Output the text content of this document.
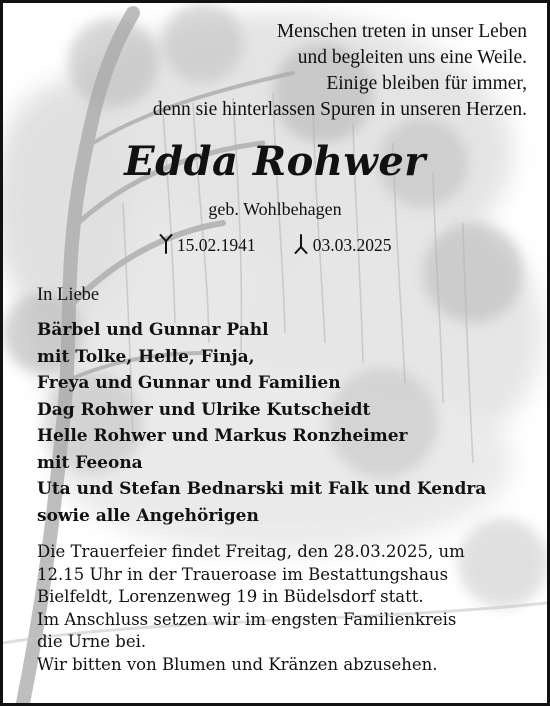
Menschen treten in unser Leben
und begleiten uns eine Weile.
Einige bleiben für immer,
denn sie hinterlassen Spuren in unseren Herzen.
Edda Rohwer
geb. Wohlbehagen
15.02.1941	03.03.2025
In Liebe
Bärbel und Gunnar Pahl
mit Tolke, Helle, Finja,
Freya und Gunnar und Familien
Dag Rohwer und Ulrike Kutscheidt
Helle Rohwer und Markus Ronzheimer
mit Feeona
Uta und Stefan Bednarski mit Falk und Kendra
sowie alle Angehörigen
Die Trauerfeier findet Freitag, den 28.03.2025, um
12.15 Uhr in der Traueroase im Bestattungshaus
Bielfeldt, Lorenzenweg 19 in Büdelsdorf statt.
Im Anschluss setzen wir im engsten Familienkreis
die Urne bei.
Wir bitten von Blumen und Kränzen abzusehen.
